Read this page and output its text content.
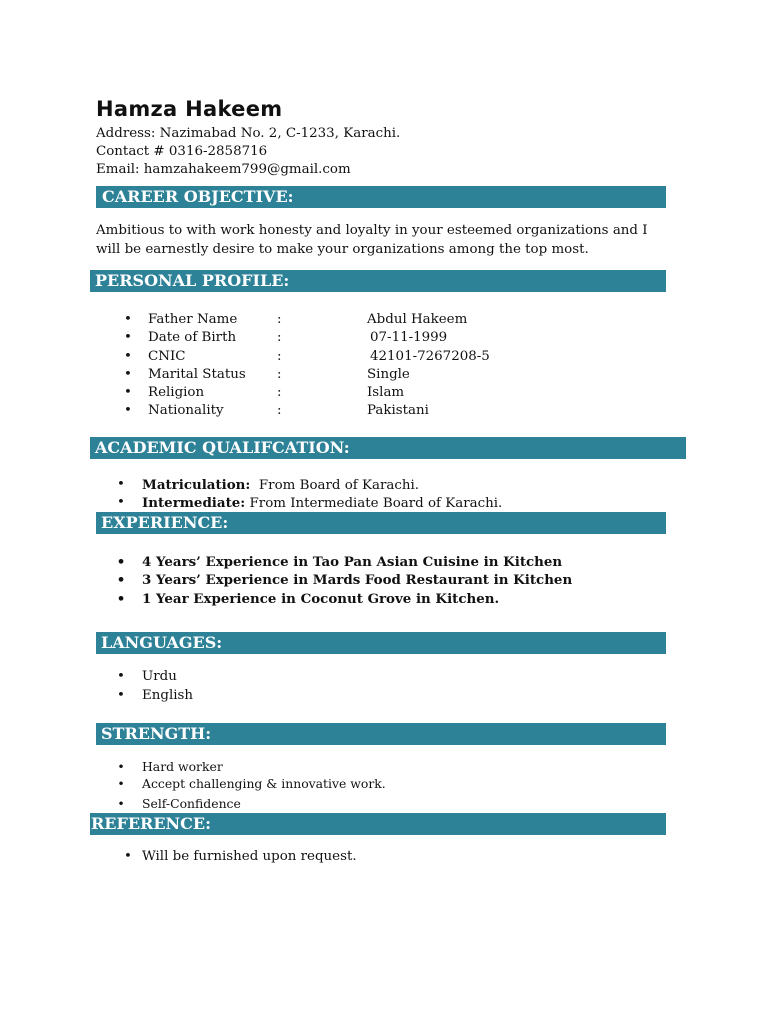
Hamza Hakeem
Address: Nazimabad No. 2, C-1233, Karachi.
Contact # 0316-2858716
Email: hamzahakeem799@gmail.com
CAREER OBJECTIVE:
Ambitious to with work honesty and loyalty in your esteemed organizations and I will be earnestly desire to make your organizations among the top most.
PERSONAL PROFILE:
• Father Name	:	Abdul Hakeem
• Date of Birth	:	07-11-1999
• CNIC	:	42101-7267208-5
• Marital Status :	Single
• Religion	:	Islam
• Nationality	:	Pakistani
ACADEMIC QUALIFCATION:
• Matriculation: From Board of Karachi.
• Intermediate: From Intermediate Board of Karachi.
EXPERIENCE:
• 4 Years’ Experience in Tao Pan Asian Cuisine in Kitchen
• 3 Years’ Experience in Mards Food Restaurant in Kitchen
• 1 Year Experience in Coconut Grove in Kitchen.
LANGUAGES:
• Urdu
• English
STRENGTH:
• Hard worker
• Accept challenging & innovative work.
• Self-Confidence
REFERENCE:
• Will be furnished upon request.
